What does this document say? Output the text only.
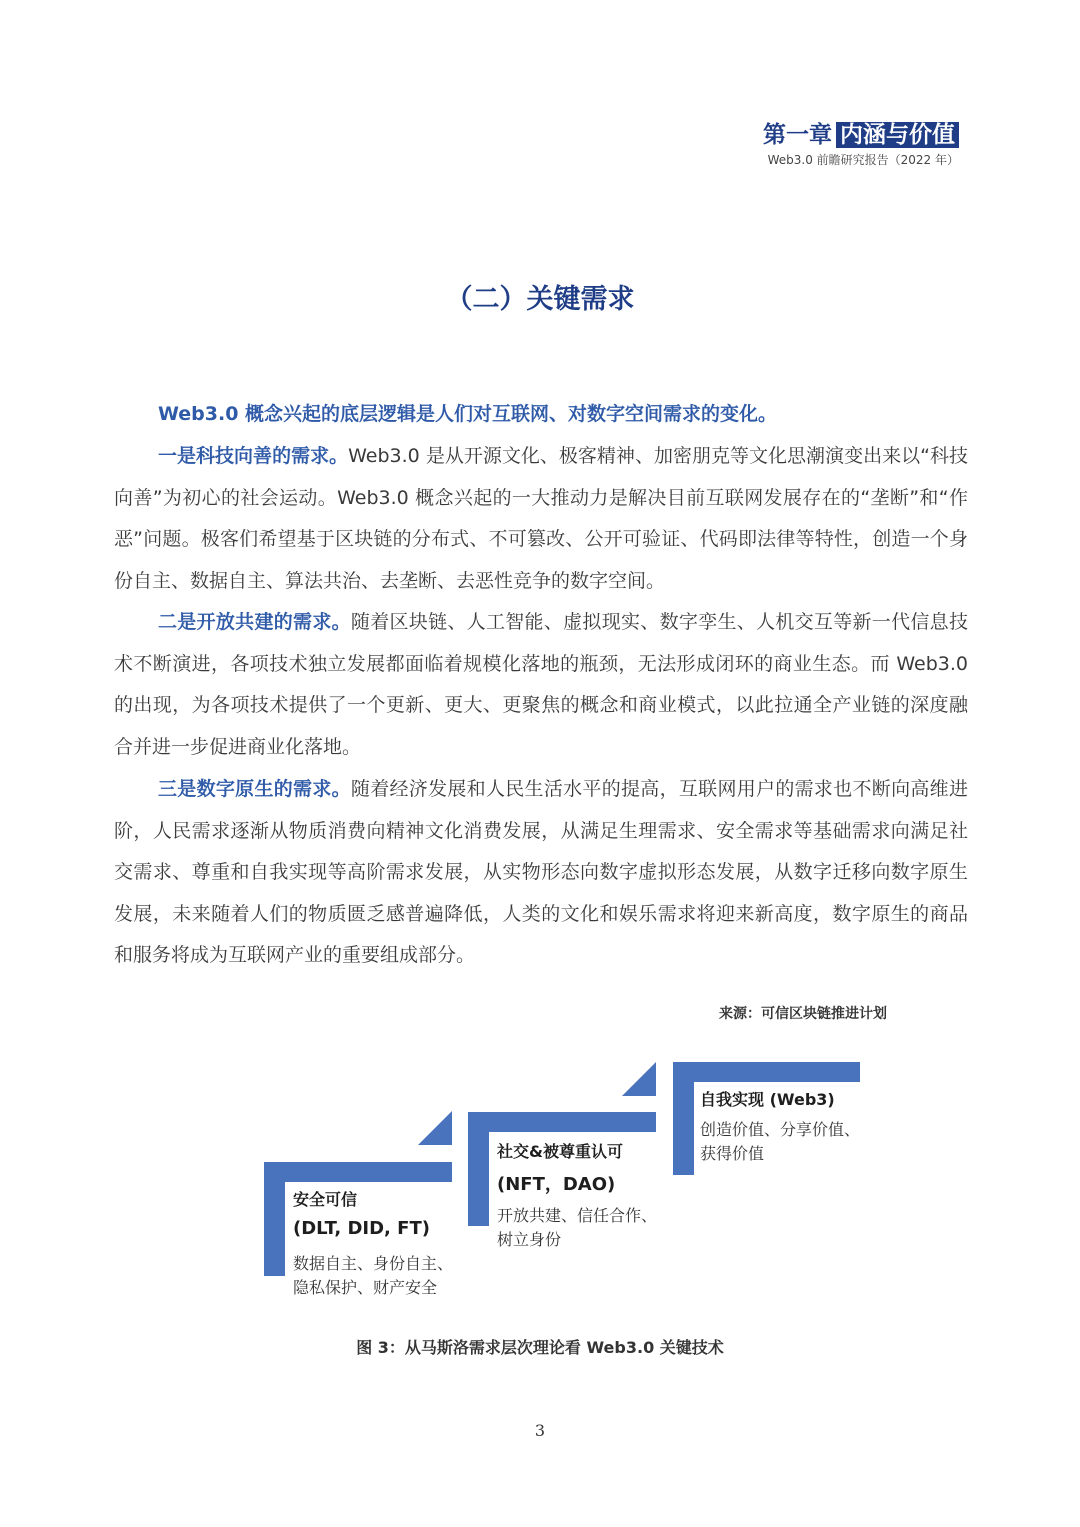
第一章 内涵与价值
Web3.0 前瞻研究报告（2022 年）
（二）关键需求
Web3.0 概念兴起的底层逻辑是人们对互联网、对数字空间需求的变化。

一是科技向善的需求。Web3.0 是从开源文化、极客精神、加密朋克等文化思潮演变出来以“科技向善”为初心的社会运动。Web3.0 概念兴起的一大推动力是解决目前互联网发展存在的“垄断”和“作恶”问题。极客们希望基于区块链的分布式、不可篡改、公开可验证、代码即法律等特性，创造一个身份自主、数据自主、算法共治、去垄断、去恶性竞争的数字空间。

二是开放共建的需求。随着区块链、人工智能、虚拟现实、数字孪生、人机交互等新一代信息技术不断演进，各项技术独立发展都面临着规模化落地的瓶颈，无法形成闭环的商业生态。而 Web3.0 的出现，为各项技术提供了一个更新、更大、更聚焦的概念和商业模式，以此拉通全产业链的深度融合并进一步促进商业化落地。

三是数字原生的需求。随着经济发展和人民生活水平的提高，互联网用户的需求也不断向高维进阶，人民需求逐渐从物质消费向精神文化消费发展，从满足生理需求、安全需求等基础需求向满足社交需求、尊重和自我实现等高阶需求发展，从实物形态向数字虚拟形态发展，从数字迁移向数字原生发展，未来随着人们的物质匮乏感普遍降低，人类的文化和娱乐需求将迎来新高度，数字原生的商品和服务将成为互联网产业的重要组成部分。

来源：可信区块链推进计划
安全可信
(DLT, DID, FT)
数据自主、身份自主、隐私保护、财产安全
社交&被尊重认可
(NFT，DAO)
开放共建、信任合作、树立身份
自我实现 (Web3)
创造价值、分享价值、获得价值
图 3：从马斯洛需求层次理论看 Web3.0 关键技术
3
